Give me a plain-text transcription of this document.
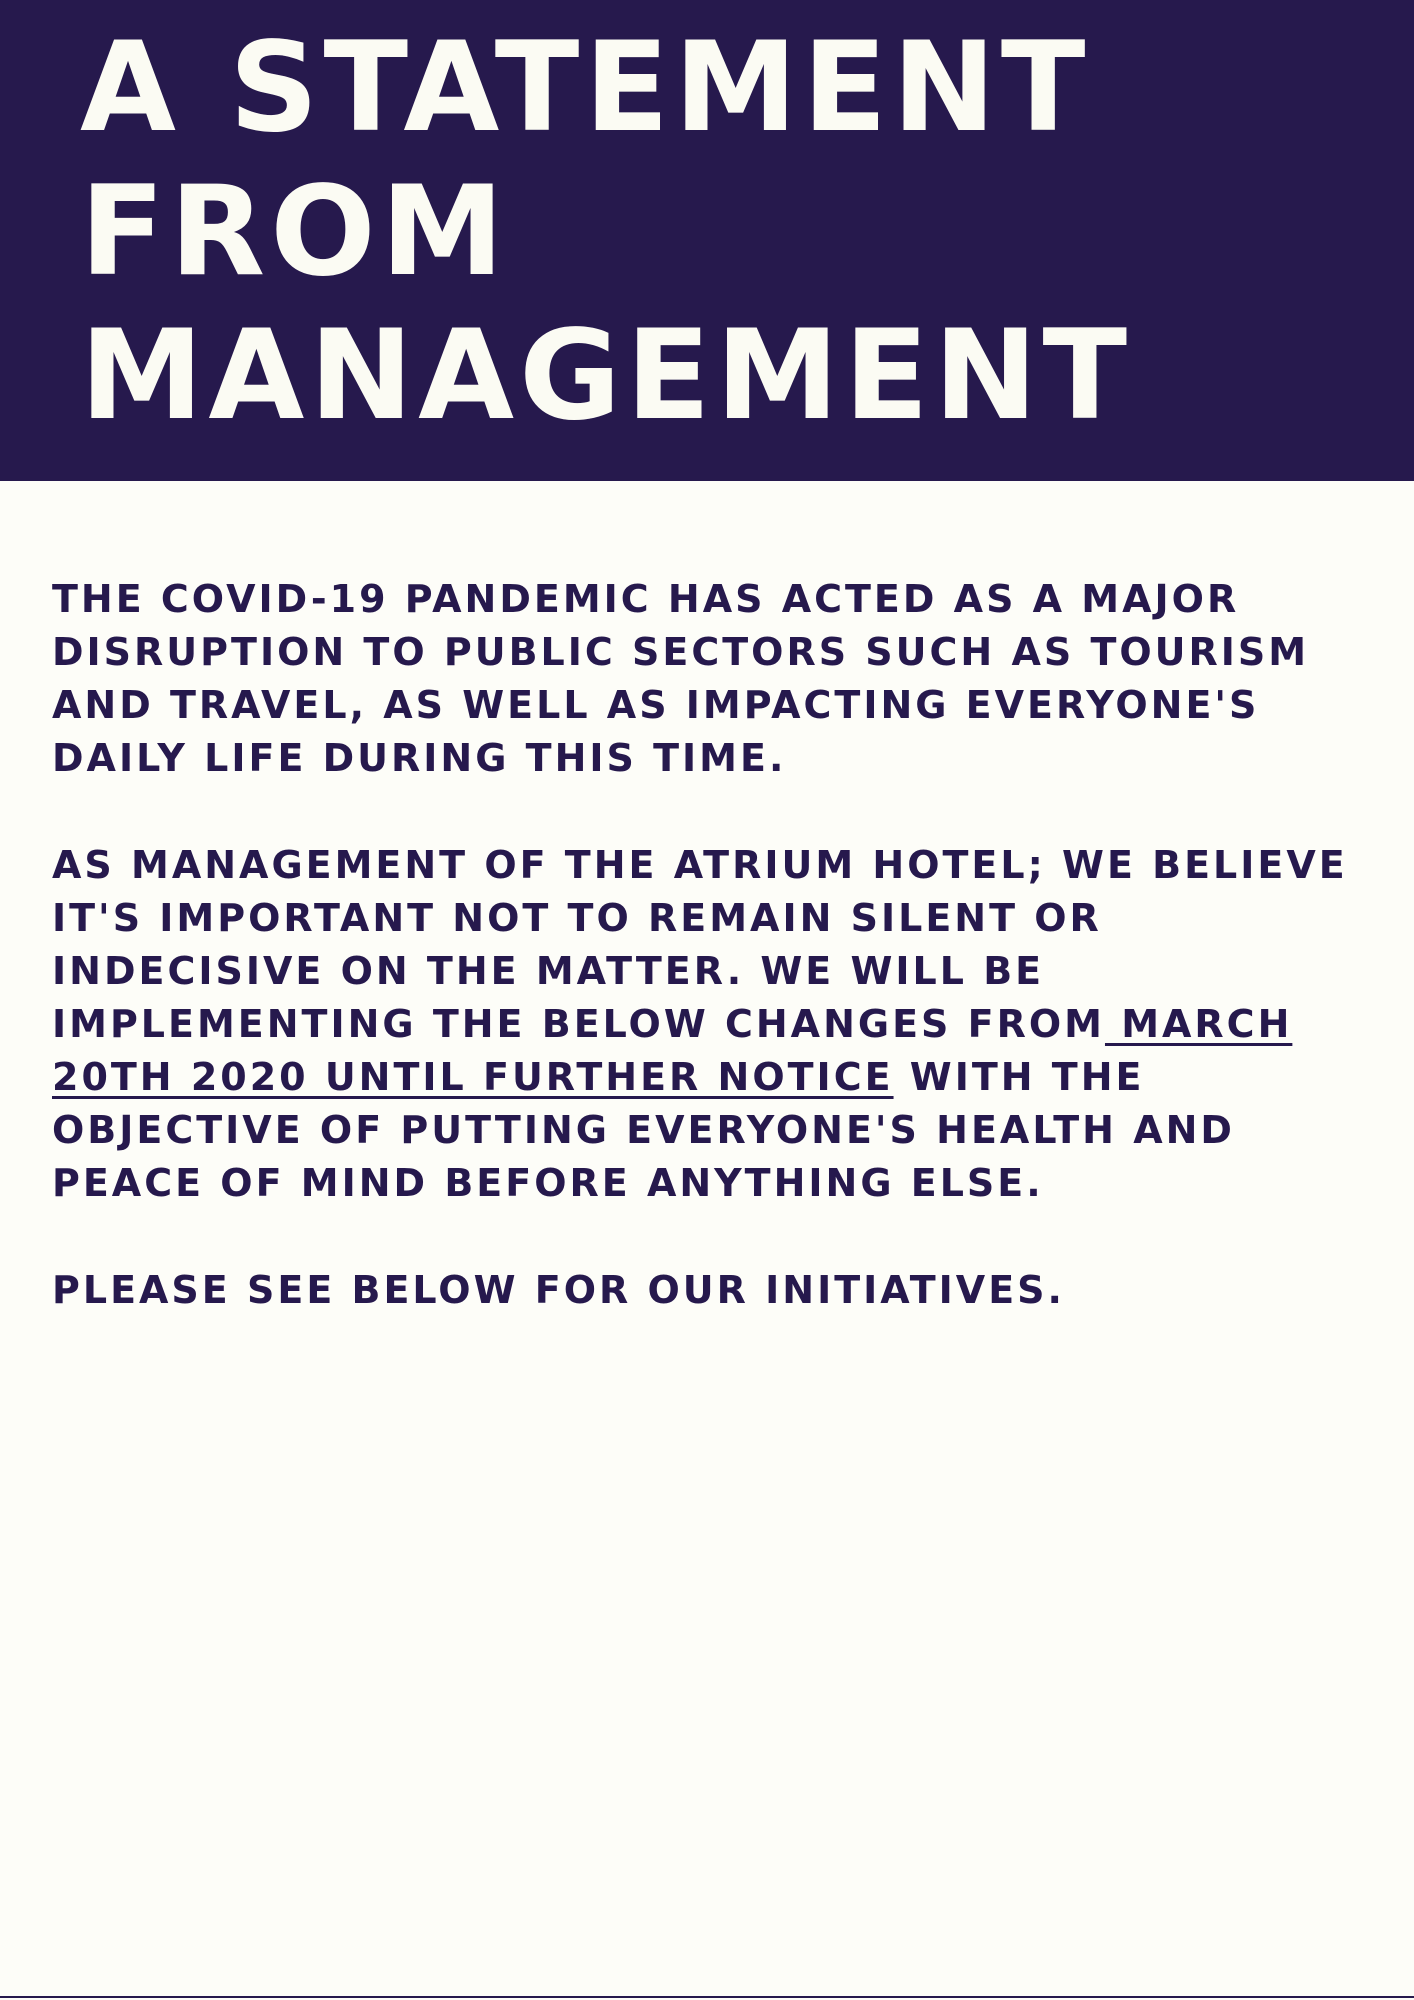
A STATEMENT
FROM
MANAGEMENT

THE COVID-19 PANDEMIC HAS ACTED AS A MAJOR
DISRUPTION TO PUBLIC SECTORS SUCH AS TOURISM
AND TRAVEL, AS WELL AS IMPACTING EVERYONE'S
DAILY LIFE DURING THIS TIME.

AS MANAGEMENT OF THE ATRIUM HOTEL; WE BELIEVE
IT'S IMPORTANT NOT TO REMAIN SILENT OR
INDECISIVE ON THE MATTER. WE WILL BE
IMPLEMENTING THE BELOW CHANGES FROM MARCH
20TH 2020 UNTIL FURTHER NOTICE WITH THE
OBJECTIVE OF PUTTING EVERYONE'S HEALTH AND
PEACE OF MIND BEFORE ANYTHING ELSE.

PLEASE SEE BELOW FOR OUR INITIATIVES.
